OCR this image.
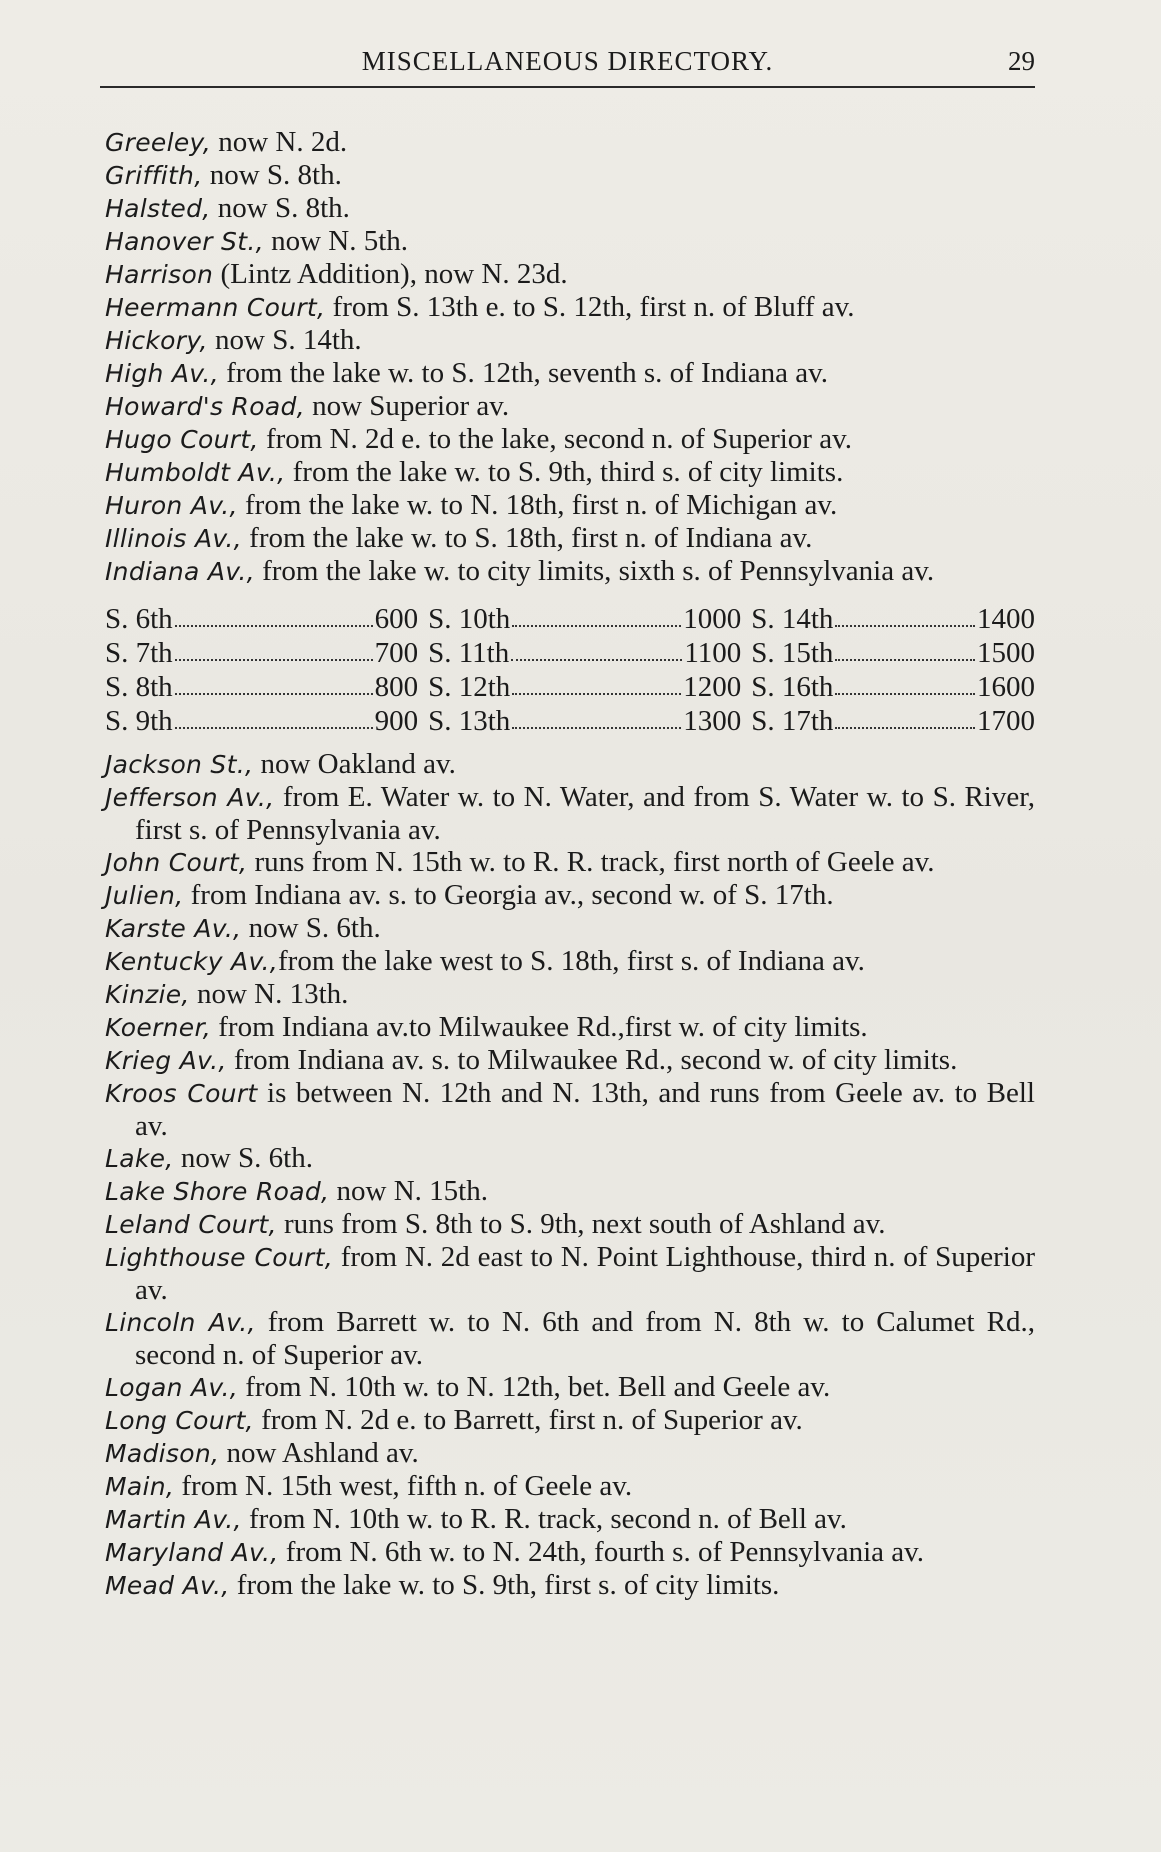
MISCELLANEOUS DIRECTORY.	29
Greeley, now N. 2d.
Griffith, now S. 8th.
Halsted, now S. 8th.
Hanover St., now N. 5th.
Harrison (Lintz Addition), now N. 23d.
Heermann Court, from S. 13th e. to S. 12th, first n. of Bluff av.
Hickory, now S. 14th.
High Av., from the lake w. to S. 12th, seventh s. of Indiana av.
Howard's Road, now Superior av.
Hugo Court, from N. 2d e. to the lake, second n. of Superior av.
Humboldt Av., from the lake w. to S. 9th, third s. of city limits.
Huron Av., from the lake w. to N. 18th, first n. of Michigan av.
Illinois Av., from the lake w. to S. 18th, first n. of Indiana av.
Indiana Av., from the lake w. to city limits, sixth s. of Pennsylvania av.
S. 6th	600 S. 10th	1000 S. 14th	1400
S. 7th	700 S. 11th	1100 S. 15th	1500
S. 8th	800 S. 12th	1200 S. 16th	1600
S. 9th	900 S. 13th	1300 S. 17th	1700
Jackson St., now Oakland av.
Jefferson Av., from E. Water w. to N. Water, and from S. Water w. to S. River, first s. of Pennsylvania av.
John Court, runs from N. 15th w. to R. R. track, first north of Geele av.
Julien, from Indiana av. s. to Georgia av., second w. of S. 17th.
Karste Av., now S. 6th.
Kentucky Av.,from the lake west to S. 18th, first s. of Indiana av.
Kinzie, now N. 13th.
Koerner, from Indiana av.to Milwaukee Rd.,first w. of city limits.
Krieg Av., from Indiana av. s. to Milwaukee Rd., second w. of city limits.
Kroos Court is between N. 12th and N. 13th, and runs from Geele av. to Bell av.
Lake, now S. 6th.
Lake Shore Road, now N. 15th.
Leland Court, runs from S. 8th to S. 9th, next south of Ashland av.
Lighthouse Court, from N. 2d east to N. Point Lighthouse, third n. of Superior av.
Lincoln Av., from Barrett w. to N. 6th and from N. 8th w. to Calumet Rd., second n. of Superior av.
Logan Av., from N. 10th w. to N. 12th, bet. Bell and Geele av.
Long Court, from N. 2d e. to Barrett, first n. of Superior av.
Madison, now Ashland av.
Main, from N. 15th west, fifth n. of Geele av.
Martin Av., from N. 10th w. to R. R. track, second n. of Bell av.
Maryland Av., from N. 6th w. to N. 24th, fourth s. of Pennsylvania av.
Mead Av., from the lake w. to S. 9th, first s. of city limits.
